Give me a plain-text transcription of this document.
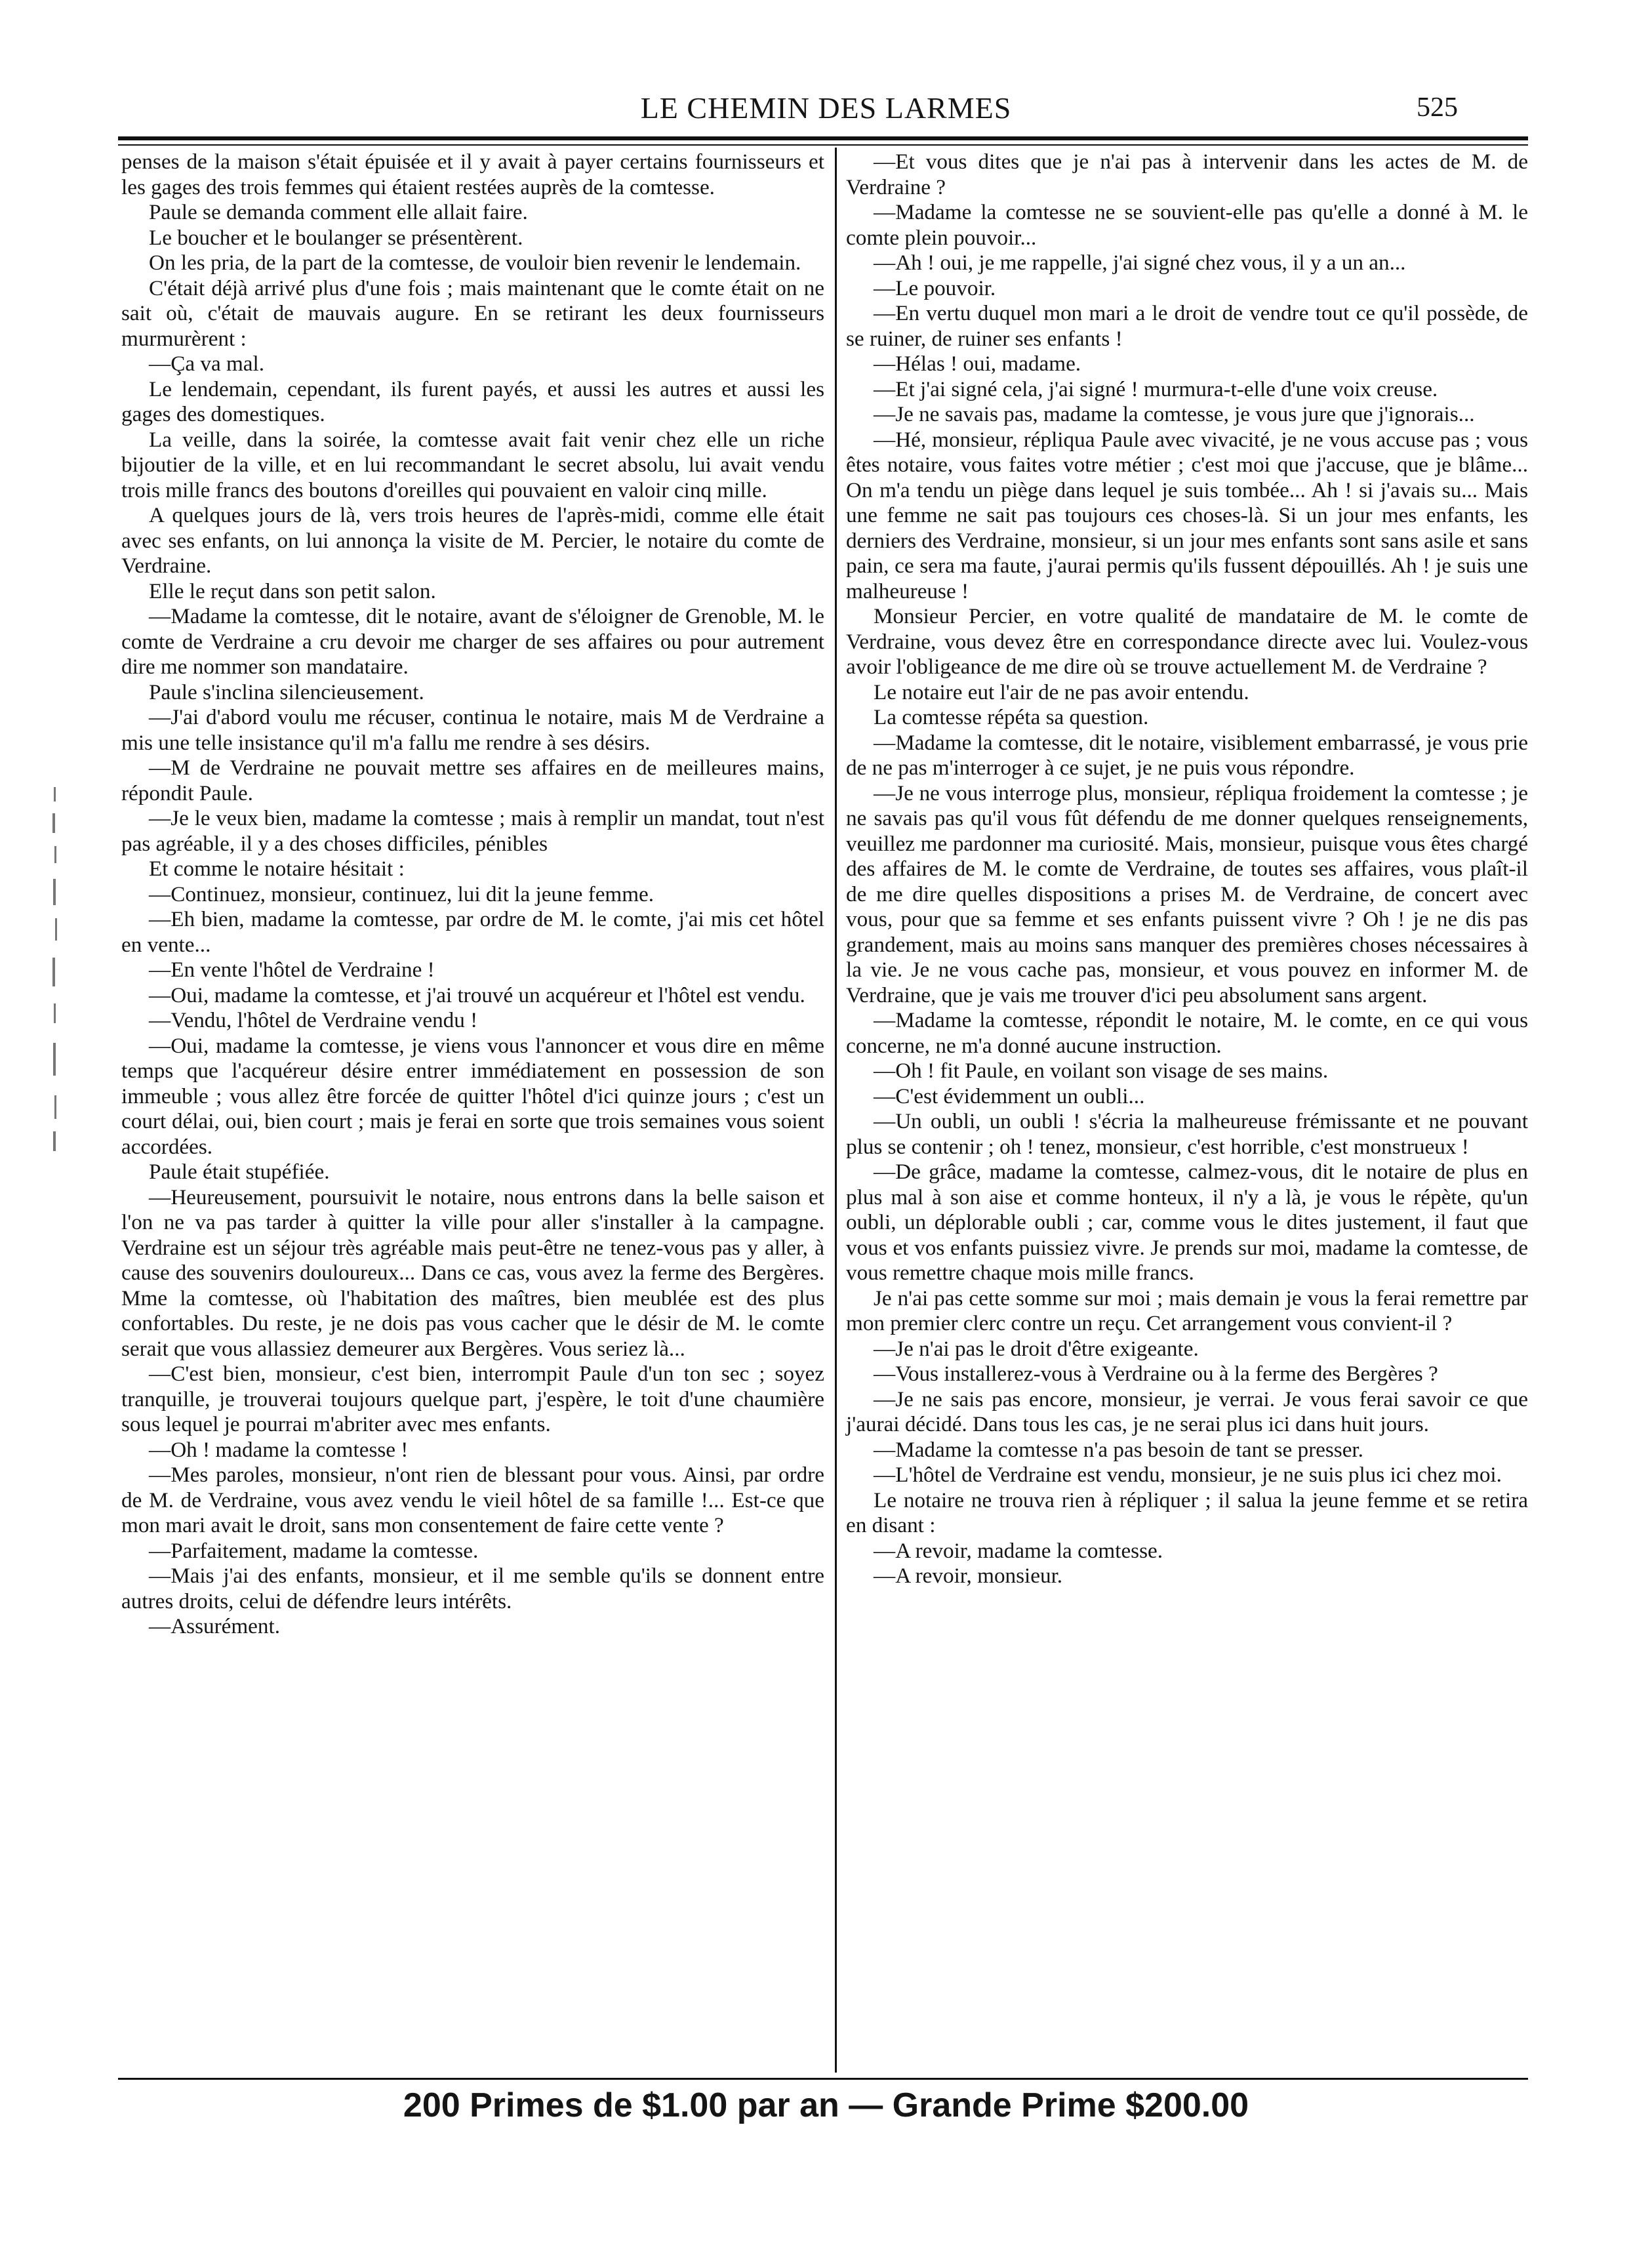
LE CHEMIN DES LARMES	525

penses de la maison s'était épuisée et il y avait à payer certains fournisseurs et les gages des trois femmes qui étaient restées auprès de la comtesse.

Paule se demanda comment elle allait faire.

Le boucher et le boulanger se présentèrent.

On les pria, de la part de la comtesse, de vouloir bien revenir le lendemain.

C'était déjà arrivé plus d'une fois ; mais maintenant que le comte était on ne sait où, c'était de mauvais augure. En se retirant les deux fournisseurs murmurèrent :

—Ça va mal.

Le lendemain, cependant, ils furent payés, et aussi les autres et aussi les gages des domestiques.

La veille, dans la soirée, la comtesse avait fait venir chez elle un riche bijoutier de la ville, et en lui recommandant le secret absolu, lui avait vendu trois mille francs des boutons d'oreilles qui pouvaient en valoir cinq mille.

A quelques jours de là, vers trois heures de l'après-midi, comme elle était avec ses enfants, on lui annonça la visite de M. Percier, le notaire du comte de Verdraine.

Elle le reçut dans son petit salon.

—Madame la comtesse, dit le notaire, avant de s'éloigner de Grenoble, M. le comte de Verdraine a cru devoir me charger de ses affaires ou pour autrement dire me nommer son mandataire.

Paule s'inclina silencieusement.

—J'ai d'abord voulu me récuser, continua le notaire, mais M de Verdraine a mis une telle insistance qu'il m'a fallu me rendre à ses désirs.

—M de Verdraine ne pouvait mettre ses affaires en de meilleures mains, répondit Paule.

—Je le veux bien, madame la comtesse ; mais à remplir un mandat, tout n'est pas agréable, il y a des choses difficiles, pénibles

Et comme le notaire hésitait :

—Continuez, monsieur, continuez, lui dit la jeune femme.

—Eh bien, madame la comtesse, par ordre de M. le comte, j'ai mis cet hôtel en vente...

—En vente l'hôtel de Verdraine !

—Oui, madame la comtesse, et j'ai trouvé un acquéreur et l'hôtel est vendu.

—Vendu, l'hôtel de Verdraine vendu !

—Oui, madame la comtesse, je viens vous l'annoncer et vous dire en même temps que l'acquéreur désire entrer immédiatement en possession de son immeuble ; vous allez être forcée de quitter l'hôtel d'ici quinze jours ; c'est un court délai, oui, bien court ; mais je ferai en sorte que trois semaines vous soient accordées.

Paule était stupéfiée.

—Heureusement, poursuivit le notaire, nous entrons dans la belle saison et l'on ne va pas tarder à quitter la ville pour aller s'installer à la campagne. Verdraine est un séjour très agréable mais peut-être ne tenez-vous pas y aller, à cause des souvenirs douloureux... Dans ce cas, vous avez la ferme des Bergères. Mme la comtesse, où l'habitation des maîtres, bien meublée est des plus confortables. Du reste, je ne dois pas vous cacher que le désir de M. le comte serait que vous allassiez demeurer aux Bergères. Vous seriez là...

—C'est bien, monsieur, c'est bien, interrompit Paule d'un ton sec ; soyez tranquille, je trouverai toujours quelque part, j'espère, le toit d'une chaumière sous lequel je pourrai m'abriter avec mes enfants.

—Oh ! madame la comtesse !

—Mes paroles, monsieur, n'ont rien de blessant pour vous. Ainsi, par ordre de M. de Verdraine, vous avez vendu le vieil hôtel de sa famille !... Est-ce que mon mari avait le droit, sans mon consentement de faire cette vente ?

—Parfaitement, madame la comtesse.

—Mais j'ai des enfants, monsieur, et il me semble qu'ils se donnent entre autres droits, celui de défendre leurs intérêts.

—Assurément.

—Et vous dites que je n'ai pas à intervenir dans les actes de M. de Verdraine ?

—Madame la comtesse ne se souvient-elle pas qu'elle a donné à M. le comte plein pouvoir...

—Ah ! oui, je me rappelle, j'ai signé chez vous, il y a un an...

—Le pouvoir.

—En vertu duquel mon mari a le droit de vendre tout ce qu'il possède, de se ruiner, de ruiner ses enfants !

—Hélas ! oui, madame.

—Et j'ai signé cela, j'ai signé ! murmura-t-elle d'une voix creuse.

—Je ne savais pas, madame la comtesse, je vous jure que j'ignorais...

—Hé, monsieur, répliqua Paule avec vivacité, je ne vous accuse pas ; vous êtes notaire, vous faites votre métier ; c'est moi que j'accuse, que je blâme... On m'a tendu un piège dans lequel je suis tombée... Ah ! si j'avais su... Mais une femme ne sait pas toujours ces choses-là. Si un jour mes enfants, les derniers des Verdraine, monsieur, si un jour mes enfants sont sans asile et sans pain, ce sera ma faute, j'aurai permis qu'ils fussent dépouillés. Ah ! je suis une malheureuse !

Monsieur Percier, en votre qualité de mandataire de M. le comte de Verdraine, vous devez être en correspondance directe avec lui. Voulez-vous avoir l'obligeance de me dire où se trouve actuellement M. de Verdraine ?

Le notaire eut l'air de ne pas avoir entendu.

La comtesse répéta sa question.

—Madame la comtesse, dit le notaire, visiblement embarrassé, je vous prie de ne pas m'interroger à ce sujet, je ne puis vous répondre.

—Je ne vous interroge plus, monsieur, répliqua froidement la comtesse ; je ne savais pas qu'il vous fût défendu de me donner quelques renseignements, veuillez me pardonner ma curiosité. Mais, monsieur, puisque vous êtes chargé des affaires de M. le comte de Verdraine, de toutes ses affaires, vous plaît-il de me dire quelles dispositions a prises M. de Verdraine, de concert avec vous, pour que sa femme et ses enfants puissent vivre ? Oh ! je ne dis pas grandement, mais au moins sans manquer des premières choses nécessaires à la vie. Je ne vous cache pas, monsieur, et vous pouvez en informer M. de Verdraine, que je vais me trouver d'ici peu absolument sans argent.

—Madame la comtesse, répondit le notaire, M. le comte, en ce qui vous concerne, ne m'a donné aucune instruction.

—Oh ! fit Paule, en voilant son visage de ses mains.

—C'est évidemment un oubli...

—Un oubli, un oubli ! s'écria la malheureuse frémissante et ne pouvant plus se contenir ; oh ! tenez, monsieur, c'est horrible, c'est monstrueux !

—De grâce, madame la comtesse, calmez-vous, dit le notaire de plus en plus mal à son aise et comme honteux, il n'y a là, je vous le répète, qu'un oubli, un déplorable oubli ; car, comme vous le dites justement, il faut que vous et vos enfants puissiez vivre. Je prends sur moi, madame la comtesse, de vous remettre chaque mois mille francs.

Je n'ai pas cette somme sur moi ; mais demain je vous la ferai remettre par mon premier clerc contre un reçu. Cet arrangement vous convient-il ?

—Je n'ai pas le droit d'être exigeante.

—Vous installerez-vous à Verdraine ou à la ferme des Bergères ?

—Je ne sais pas encore, monsieur, je verrai. Je vous ferai savoir ce que j'aurai décidé. Dans tous les cas, je ne serai plus ici dans huit jours.

—Madame la comtesse n'a pas besoin de tant se presser.

—L'hôtel de Verdraine est vendu, monsieur, je ne suis plus ici chez moi.

Le notaire ne trouva rien à répliquer ; il salua la jeune femme et se retira en disant :

—A revoir, madame la comtesse.

—A revoir, monsieur.

200 Primes de $1.00 par an — Grande Prime $200.00
